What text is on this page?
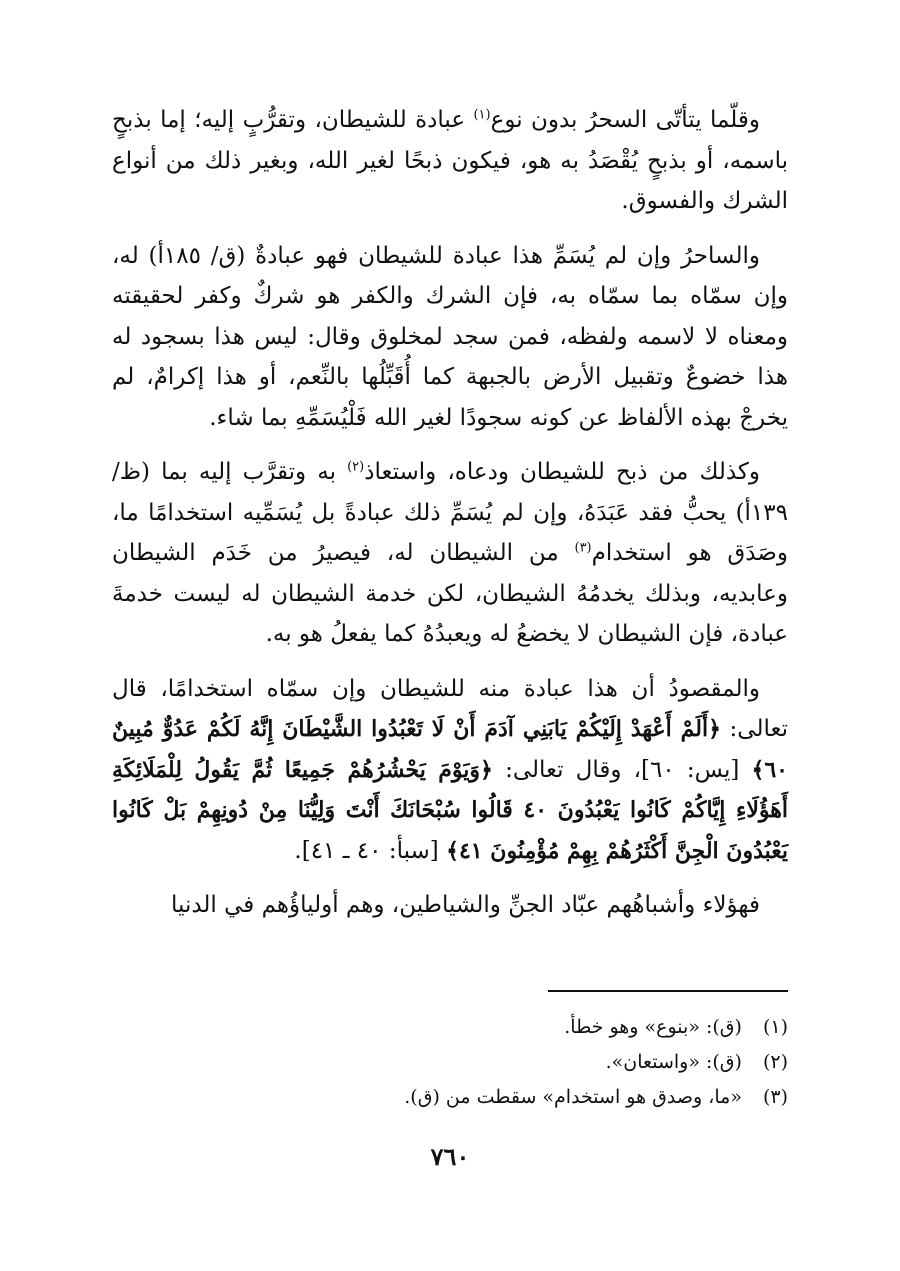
وقلّما يتأتّى السحرُ بدون نوع$^{(١)}$ عبادة للشيطان، وتقرُّبٍ إليه؛ إما بذبحٍ باسمه، أو بذبحٍ يُقْصَدُ به هو، فيكون ذبحًا لغير الله، وبغير ذلك من أنواع الشرك والفسوق.

والساحرُ وإن لم يُسَمِّ هذا عبادة للشيطان فهو عبادةٌ (ق/ ١٨٥أ) له، وإن سمّاه بما سمّاه به، فإن الشرك والكفر هو شركٌ وكفر لحقيقته ومعناه لا لاسمه ولفظه، فمن سجد لمخلوق وقال: ليس هذا بسجود له هذا خضوعٌ وتقبيل الأرض بالجبهة كما أُقَبِّلُها بالنِّعم، أو هذا إكرامٌ، لم يخرجْ بهذه الألفاظ عن كونه سجودًا لغير الله فَلْيُسَمِّهِ بما شاء.

وكذلك من ذبح للشيطان ودعاه، واستعاذ$^{(٢)}$ به وتقرَّب إليه بما (ظ/ ١٣٩أ) يحبُّ فقد عَبَدَهُ، وإن لم يُسَمِّ ذلك عبادةً بل يُسَمِّيه استخدامًا ما، وصَدَق هو استخدام$^{(٣)}$ من الشيطان له، فيصيرُ من خَدَم الشيطان وعابديه، وبذلك يخدمُهُ الشيطان، لكن خدمة الشيطان له ليست خدمةَ عبادة، فإن الشيطان لا يخضعُ له ويعبدُهُ كما يفعلُ هو به.

والمقصودُ أن هذا عبادة منه للشيطان وإن سمّاه استخدامًا، قال تعالى: ﴿أَلَمْ أَعْهَدْ إِلَيْكُمْ يَابَنِي آدَمَ أَنْ لَا تَعْبُدُوا الشَّيْطَانَ إِنَّهُ لَكُمْ عَدُوٌّ مُبِينٌ ٦٠﴾ [يس: ٦٠]، وقال تعالى: ﴿وَيَوْمَ يَحْشُرُهُمْ جَمِيعًا ثُمَّ يَقُولُ لِلْمَلَائِكَةِ أَهَؤُلَاءِ إِيَّاكُمْ كَانُوا يَعْبُدُونَ ٤٠ قَالُوا سُبْحَانَكَ أَنْتَ وَلِيُّنَا مِنْ دُونِهِمْ بَلْ كَانُوا يَعْبُدُونَ الْجِنَّ أَكْثَرُهُمْ بِهِمْ مُؤْمِنُونَ ٤١﴾ [سبأ: ٤٠ ـ ٤١].

فهؤلاء وأشباهُهم عبّاد الجنِّ والشياطين، وهم أولياؤُهم في الدنيا

(١) (ق): «بنوع» وهو خطأ.
(٢) (ق): «واستعان».
(٣) «ما، وصدق هو استخدام» سقطت من (ق).
٧٦٠
